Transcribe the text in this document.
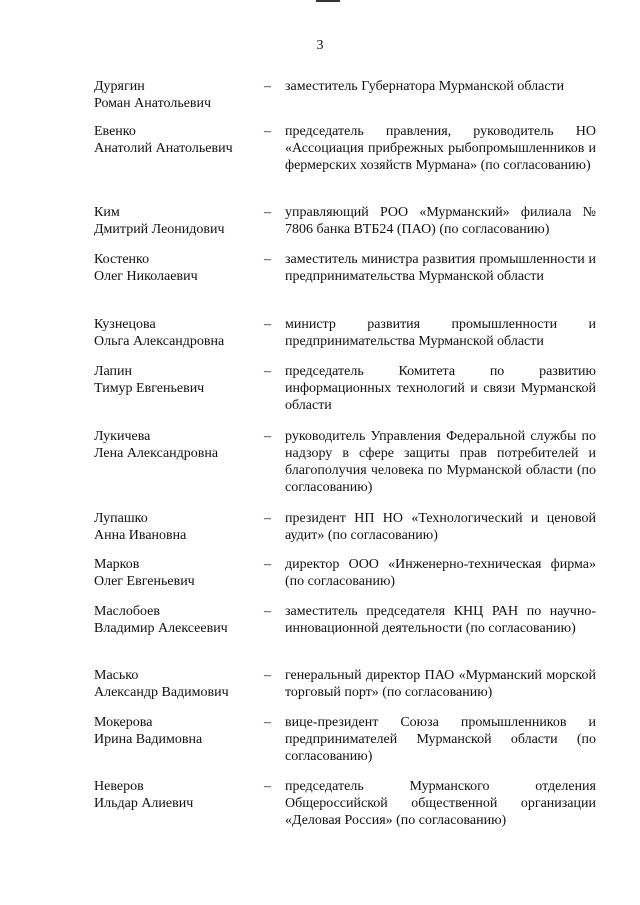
3
Дурягин
Роман Анатольевич
–	заместитель Губернатора Мурманской области
Евенко
Анатолий Анатольевич
–	председатель правления, руководитель НО «Ассоциация прибрежных рыбопромышленников и фермерских хозяйств Мурмана» (по согласованию)
Ким
Дмитрий Леонидович
–	управляющий РОО «Мурманский» филиала № 7806 банка ВТБ24 (ПАО) (по согласованию)
Костенко
Олег Николаевич
–	заместитель министра развития промышленности и предпринимательства Мурманской области
Кузнецова
Ольга Александровна
–	министр развития промышленности и предпринимательства Мурманской области
Лапин
Тимур Евгеньевич
–	председатель Комитета по развитию информационных технологий и связи Мурманской области
Лукичева
Лена Александровна
–	руководитель Управления Федеральной службы по надзору в сфере защиты прав потребителей и благополучия человека по Мурманской области (по согласованию)
Лупашко
Анна Ивановна
–	президент НП НО «Технологический и ценовой аудит» (по согласованию)
Марков
Олег Евгеньевич
–	директор ООО «Инженерно-техническая фирма» (по согласованию)
Маслобоев
Владимир Алексеевич
–	заместитель председателя КНЦ РАН по научно-инновационной деятельности (по согласованию)
Масько
Александр Вадимович
–	генеральный директор ПАО «Мурманский морской торговый порт» (по согласованию)
Мокерова
Ирина Вадимовна
–	вице-президент Союза промышленников и предпринимателей Мурманской области (по согласованию)
Неверов
Ильдар Алиевич
–	председатель Мурманского отделения Общероссийской общественной организации «Деловая Россия» (по согласованию)
